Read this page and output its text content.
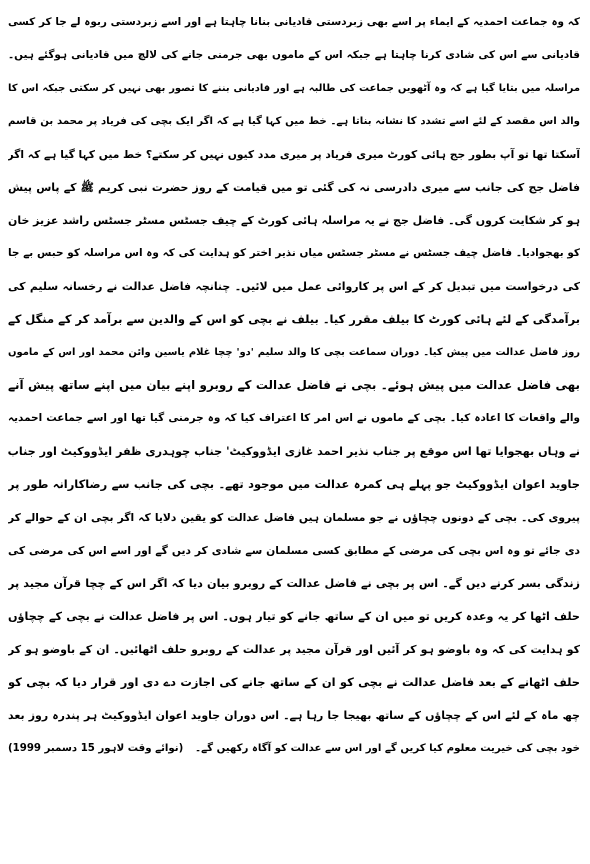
کہ وہ جماعت احمدیہ کے ایماء پر اسے بھی زبردستی قادیانی بنانا چاہتا ہے اور اسے زبردستی ربوہ لے جا کر کسی
قادیانی سے اس کی شادی کرنا چاہتا ہے جبکہ اس کے ماموں بھی جرمنی جانے کی لالچ میں قادیانی ہوگئے ہیں۔
مراسلہ میں بتایا گیا ہے کہ وہ آٹھویں جماعت کی طالبہ ہے اور قادیانی بننے کا تصور بھی نہیں کر سکتی جبکہ اس کا
والد اس مقصد کے لئے اسے تشدد کا نشانہ بناتا ہے۔ خط میں کہا گیا ہے کہ اگر ایک بچی کی فریاد پر محمد بن قاسم
آسکتا تھا تو آپ بطور جج ہائی کورٹ میری فریاد پر میری مدد کیوں نہیں کر سکتے؟ خط میں کہا گیا ہے کہ اگر
فاضل جج کی جانب سے میری دادرسی نہ کی گئی تو میں قیامت کے روز حضرت نبی کریم ﷺ کے پاس پیش
ہو کر شکایت کروں گی۔ فاضل جج نے یہ مراسلہ ہائی کورٹ کے چیف جسٹس مسٹر جسٹس راشد عزیز خان
کو بھجوادیا۔ فاضل چیف جسٹس نے مسٹر جسٹس میاں نذیر اختر کو ہدایت کی کہ وہ اس مراسلہ کو حبس بے جا
کی درخواست میں تبدیل کر کے اس پر کاروائی عمل میں لائیں۔ چنانچہ فاضل عدالت نے رخسانہ سلیم کی
برآمدگی کے لئے ہائی کورٹ کا بیلف مقرر کیا۔ بیلف نے بچی کو اس کے والدین سے برآمد کر کے منگل کے
روز فاضل عدالت میں پیش کیا۔ دوران سماعت بچی کا والد سلیم 'دو' چچا غلام یاسین وائن محمد اور اس کے ماموں
بھی فاضل عدالت میں پیش ہوئے۔ بچی نے فاضل عدالت کے روبرو اپنے بیان میں اپنے ساتھ پیش آنے
والے واقعات کا اعادہ کیا۔ بچی کے ماموں نے اس امر کا اعتراف کیا کہ وہ جرمنی گیا تھا اور اسے جماعت احمدیہ
نے وہاں بھجوایا تھا اس موقع پر جناب نذیر احمد غازی ایڈووکیٹ' جناب چوہدری ظفر ایڈووکیٹ اور جناب
جاوید اعوان ایڈووکیٹ جو پہلے ہی کمرہ عدالت میں موجود تھے۔ بچی کی جانب سے رضاکارانہ طور پر
پیروی کی۔ بچی کے دونوں چچاؤں نے جو مسلمان ہیں فاضل عدالت کو یقین دلایا کہ اگر بچی ان کے حوالے کر
دی جائے تو وہ اس بچی کی مرضی کے مطابق کسی مسلمان سے شادی کر دیں گے اور اسے اس کی مرضی کی
زندگی بسر کرنے دیں گے۔ اس پر بچی نے فاضل عدالت کے روبرو بیان دیا کہ اگر اس کے چچا قرآن مجید پر
حلف اٹھا کر یہ وعدہ کریں تو میں ان کے ساتھ جانے کو تیار ہوں۔ اس پر فاضل عدالت نے بچی کے چچاؤں
کو ہدایت کی کہ وہ باوضو ہو کر آئیں اور قرآن مجید پر عدالت کے روبرو حلف اٹھائیں۔ ان کے باوضو ہو کر
حلف اٹھانے کے بعد فاضل عدالت نے بچی کو ان کے ساتھ جانے کی اجازت دے دی اور قرار دیا کہ بچی کو
چھ ماہ کے لئے اس کے چچاؤں کے ساتھ بھیجا جا رہا ہے۔ اس دوران جاوید اعوان ایڈووکیٹ ہر پندرہ روز بعد
خود بچی کی خیریت معلوم کیا کریں گے اور اس سے عدالت کو آگاہ رکھیں گے۔
(نوائے وقت لاہور 15 دسمبر 1999)
